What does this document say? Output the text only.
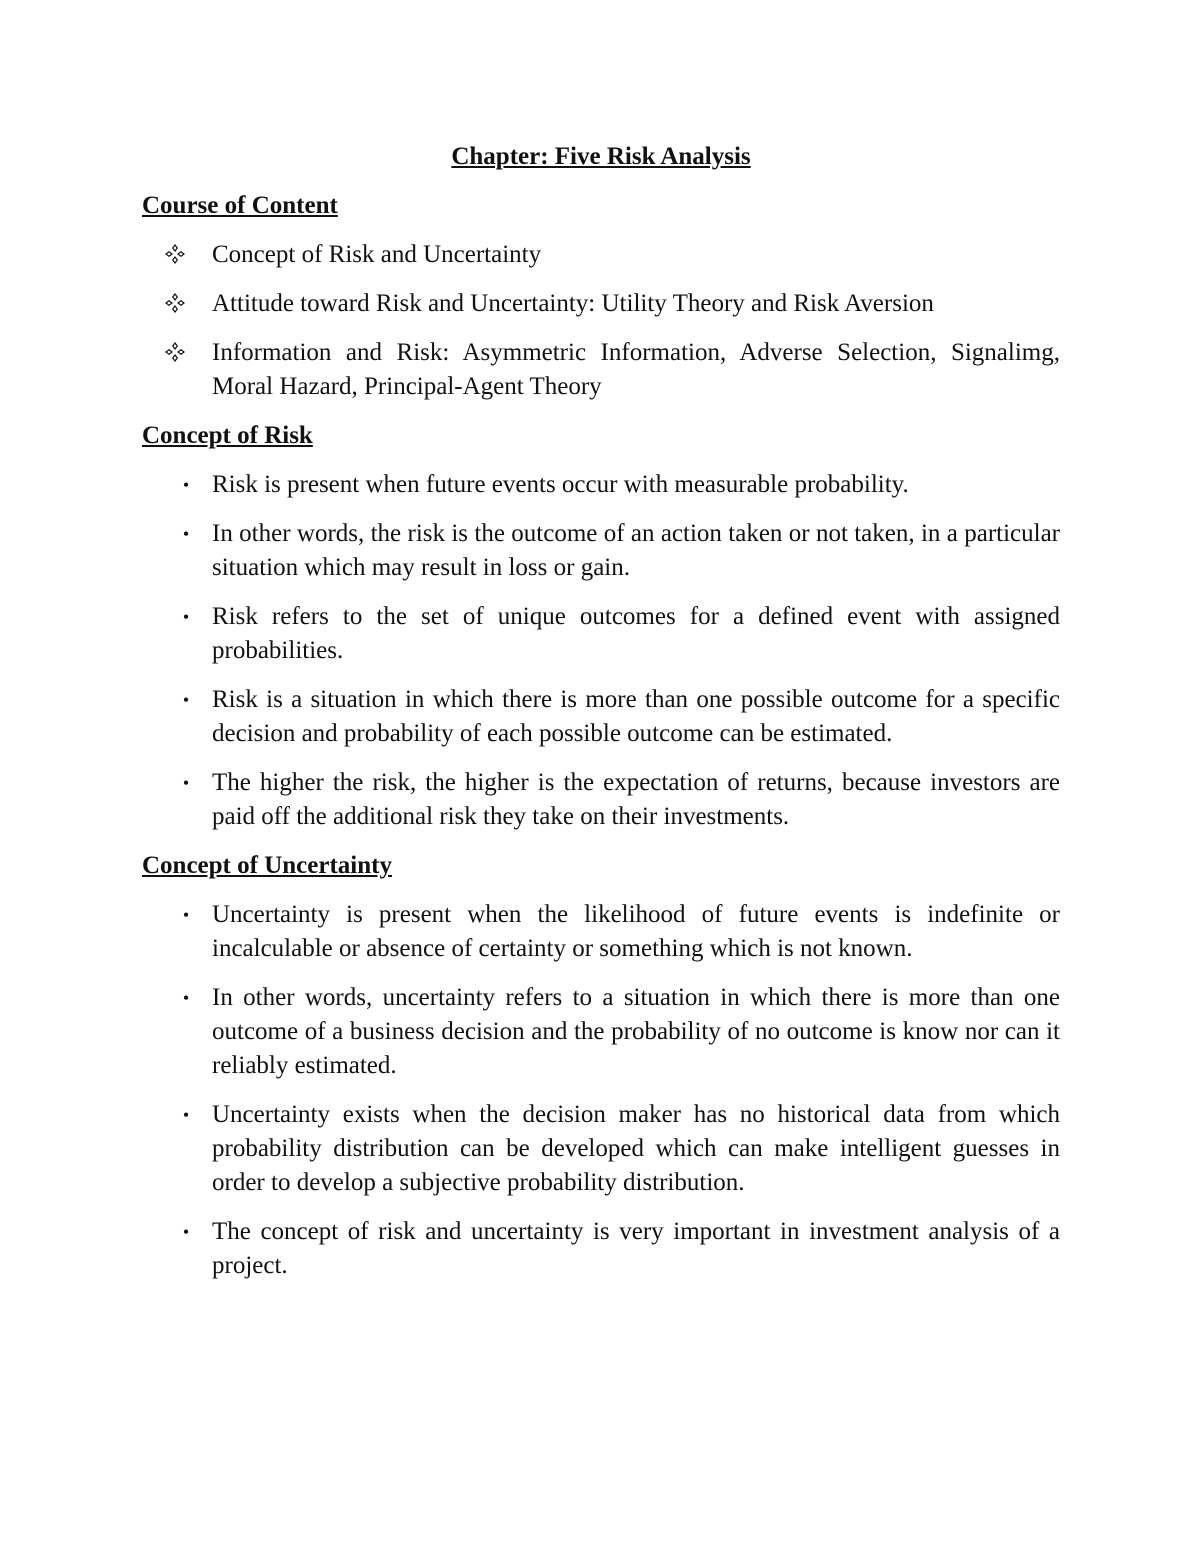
Chapter: Five Risk Analysis
Course of Content
Concept of Risk and Uncertainty
Attitude toward Risk and Uncertainty: Utility Theory and Risk Aversion
Information and Risk: Asymmetric Information, Adverse Selection, Signalimg, Moral Hazard, Principal-Agent Theory
Concept of Risk
• Risk is present when future events occur with measurable probability.
• In other words, the risk is the outcome of an action taken or not taken, in a particular situation which may result in loss or gain.
• Risk refers to the set of unique outcomes for a defined event with assigned probabilities.
• Risk is a situation in which there is more than one possible outcome for a specific decision and probability of each possible outcome can be estimated.
• The higher the risk, the higher is the expectation of returns, because investors are paid off the additional risk they take on their investments.
Concept of Uncertainty
• Uncertainty is present when the likelihood of future events is indefinite or incalculable or absence of certainty or something which is not known.
• In other words, uncertainty refers to a situation in which there is more than one outcome of a business decision and the probability of no outcome is know nor can it reliably estimated.
• Uncertainty exists when the decision maker has no historical data from which probability distribution can be developed which can make intelligent guesses in order to develop a subjective probability distribution.
• The concept of risk and uncertainty is very important in investment analysis of a project.
